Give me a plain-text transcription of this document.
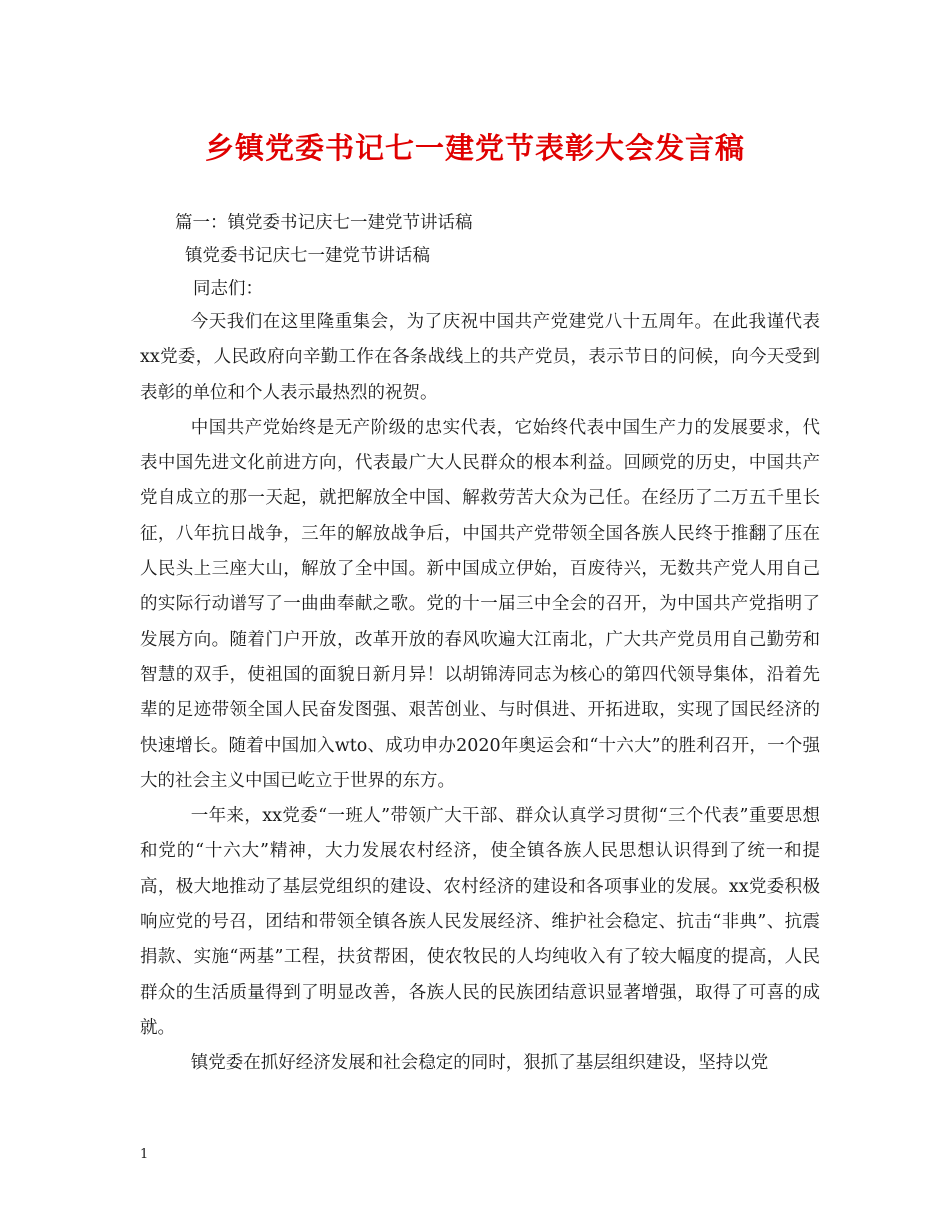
乡镇党委书记七一建党节表彰大会发言稿
篇一：镇党委书记庆七一建党节讲话稿
镇党委书记庆七一建党节讲话稿
同志们：

今天我们在这里隆重集会，为了庆祝中国共产党建党八十五周年。在此我谨代表xx党委，人民政府向辛勤工作在各条战线上的共产党员，表示节日的问候，向今天受到表彰的单位和个人表示最热烈的祝贺。

中国共产党始终是无产阶级的忠实代表，它始终代表中国生产力的发展要求，代表中国先进文化前进方向，代表最广大人民群众的根本利益。回顾党的历史，中国共产党自成立的那一天起，就把解放全中国、解救劳苦大众为己任。在经历了二万五千里长征，八年抗日战争，三年的解放战争后，中国共产党带领全国各族人民终于推翻了压在人民头上三座大山，解放了全中国。新中国成立伊始，百废待兴，无数共产党人用自己的实际行动谱写了一曲曲奉献之歌。党的十一届三中全会的召开，为中国共产党指明了发展方向。随着门户开放，改革开放的春风吹遍大江南北，广大共产党员用自己勤劳和智慧的双手，使祖国的面貌日新月异！以胡锦涛同志为核心的第四代领导集体，沿着先辈的足迹带领全国人民奋发图强、艰苦创业、与时俱进、开拓进取，实现了国民经济的快速增长。随着中国加入wto、成功申办2020年奥运会和“十六大”的胜利召开，一个强大的社会主义中国已屹立于世界的东方。

一年来，xx党委“一班人”带领广大干部、群众认真学习贯彻“三个代表”重要思想和党的“十六大”精神，大力发展农村经济，使全镇各族人民思想认识得到了统一和提高，极大地推动了基层党组织的建设、农村经济的建设和各项事业的发展。xx党委积极响应党的号召，团结和带领全镇各族人民发展经济、维护社会稳定、抗击“非典”、抗震捐款、实施“两基”工程，扶贫帮困，使农牧民的人均纯收入有了较大幅度的提高，人民群众的生活质量得到了明显改善，各族人民的民族团结意识显著增强，取得了可喜的成就。

镇党委在抓好经济发展和社会稳定的同时，狠抓了基层组织建设，坚持以党

1
